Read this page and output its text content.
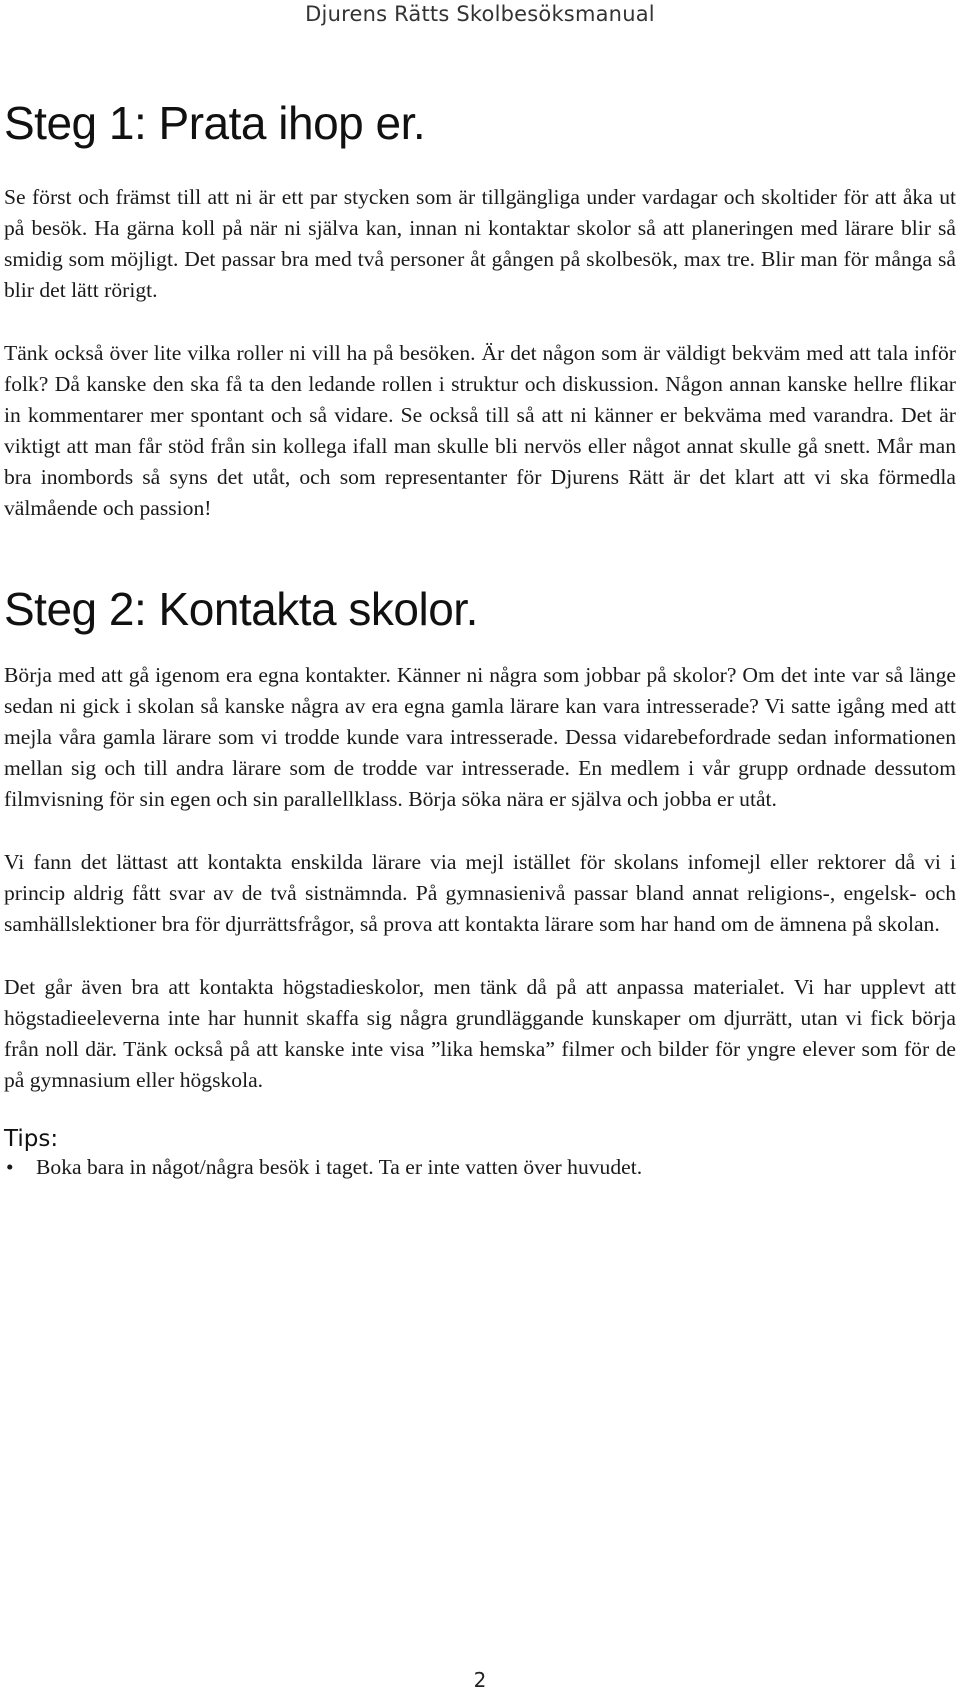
Djurens Rätts Skolbesöksmanual
Steg 1: Prata ihop er.

Se först och främst till att ni är ett par stycken som är tillgängliga under vardagar och skoltider för att åka ut på besök. Ha gärna koll på när ni själva kan, innan ni kontaktar skolor så att planeringen med lärare blir så smidig som möjligt. Det passar bra med två personer åt gången på skolbesök, max tre. Blir man för många så blir det lätt rörigt.

Tänk också över lite vilka roller ni vill ha på besöken. Är det någon som är väldigt bekväm med att tala inför folk? Då kanske den ska få ta den ledande rollen i struktur och diskussion. Någon annan kanske hellre flikar in kommentarer mer spontant och så vidare. Se också till så att ni känner er bekväma med varandra. Det är viktigt att man får stöd från sin kollega ifall man skulle bli nervös eller något annat skulle gå snett. Mår man bra inombords så syns det utåt, och som representanter för Djurens Rätt är det klart att vi ska förmedla välmående och passion!

Steg 2: Kontakta skolor.

Börja med att gå igenom era egna kontakter. Känner ni några som jobbar på skolor? Om det inte var så länge sedan ni gick i skolan så kanske några av era egna gamla lärare kan vara intresserade? Vi satte igång med att mejla våra gamla lärare som vi trodde kunde vara intresserade. Dessa vidarebefordrade sedan informationen mellan sig och till andra lärare som de trodde var intresserade. En medlem i vår grupp ordnade dessutom filmvisning för sin egen och sin parallellklass. Börja söka nära er själva och jobba er utåt.

Vi fann det lättast att kontakta enskilda lärare via mejl istället för skolans infomejl eller rektorer då vi i princip aldrig fått svar av de två sistnämnda. På gymnasienivå passar bland annat religions-, engelsk- och samhällslektioner bra för djurrättsfrågor, så prova att kontakta lärare som har hand om de ämnena på skolan.

Det går även bra att kontakta högstadieskolor, men tänk då på att anpassa materialet. Vi har upplevt att högstadieeleverna inte har hunnit skaffa sig några grundläggande kunskaper om djurrätt, utan vi fick börja från noll där. Tänk också på att kanske inte visa ”lika hemska” filmer och bilder för yngre elever som för de på gymnasium eller högskola.

Tips:
•	Boka bara in något/några besök i taget. Ta er inte vatten över huvudet.
2
